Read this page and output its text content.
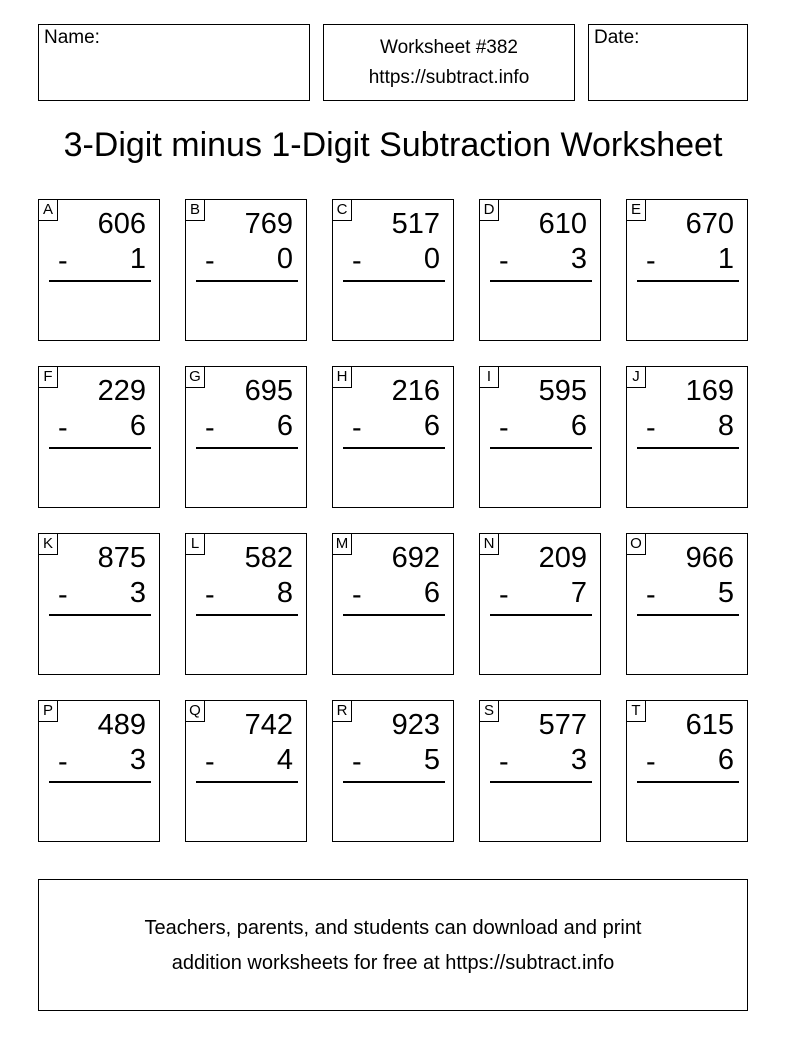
Name:	Worksheet #382
https://subtract.info
Date:
3-Digit minus 1-Digit Subtraction Worksheet
A 606
- 1
B 769
- 0
C 517
- 0
D 610
- 3
E 670
- 1
F 229
- 6
G 695
- 6
H 216
- 6
I 595
- 6
J 169
- 8
K 875
- 3
L 582
- 8
M 692
- 6
N 209
- 7
O 966
- 5
P 489
- 3
Q 742
- 4
R 923
- 5
S 577
- 3
T 615
- 6
Teachers, parents, and students can download and print
addition worksheets for free at https://subtract.info
